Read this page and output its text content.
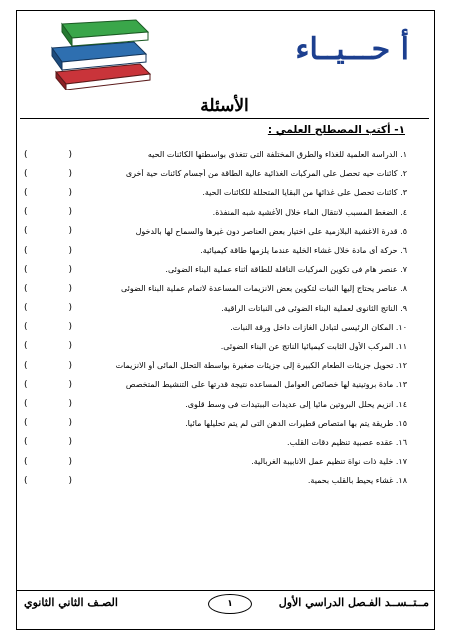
أ حـــيــاء
الأسئلة
١- أكتب المصطلح العلمي :
١. الدراسة العلمية للغذاء والطرق المختلفة التى تتغذى بواسطتها الكائنات الحيه
(	)
٢. كائنات حيه تحصل على المركبات الغذائية عالية الطاقة من أجسام كائنات حية أخرى
(	)
٣. كائنات تحصل على غذائها من البقايا المتحللة للكائنات الحية.
(	)
٤. الضغط المسبب لانتقال الماء خلال الأغشية شبه المنفذة.
(	)
٥. قدرة الاغشية البلازمية على اختيار بعض العناصر دون غيرها والسماح لها بالدخول
(	)
٦. حركة أى مادة خلال غشاء الخلية عندما يلزمها طاقة كيميائية.
(	)
٧. عنصر هام فى تكوين المركبات الناقلة للطاقة أثناء عملية البناء الضوئى.
(	)
٨. عناصر يحتاج إليها النبات لتكوين بعض الانزيمات المساعدة لاتمام عملية البناء الضوئى
(	)
٩. الناتج الثانوى لعملية البناء الضوئى فى النباتات الراقية.
(	)
١٠. المكان الرئيسى لتبادل الغازات داخل ورقة النبات.
(	)
١١. المركب الأول الثابت كيميائيا الناتج عن البناء الضوئى.
(	)
١٢. تحويل جزيئات الطعام الكبيرة إلى جزيئات صغيرة بواسطة التحلل المائى أو الانزيمات
(	)
١٣. مادة بروتينية لها خصائص العوامل المساعده نتيجة قدرتها على التنشيط المتخصص
(	)
١٤. انزيم يحلل البروتين مائيا إلى عديدات الببتيدات فى وسط قلوى.
(	)
١٥. طريقة يتم بها امتصاص قطيرات الدهن التى لم يتم تحليلها مائيا.
(	)
١٦. عقده عصبية تنظيم دقات القلب.
(	)
١٧. خلية ذات نواة تنظيم عمل الانابيبة الغربالية.
(	)
١٨. غشاء يحيط بالقلب بحمية.
(	)
مــتــســد الفـصل الدراسي الأول
١
الصـف الثاني الثانوي
